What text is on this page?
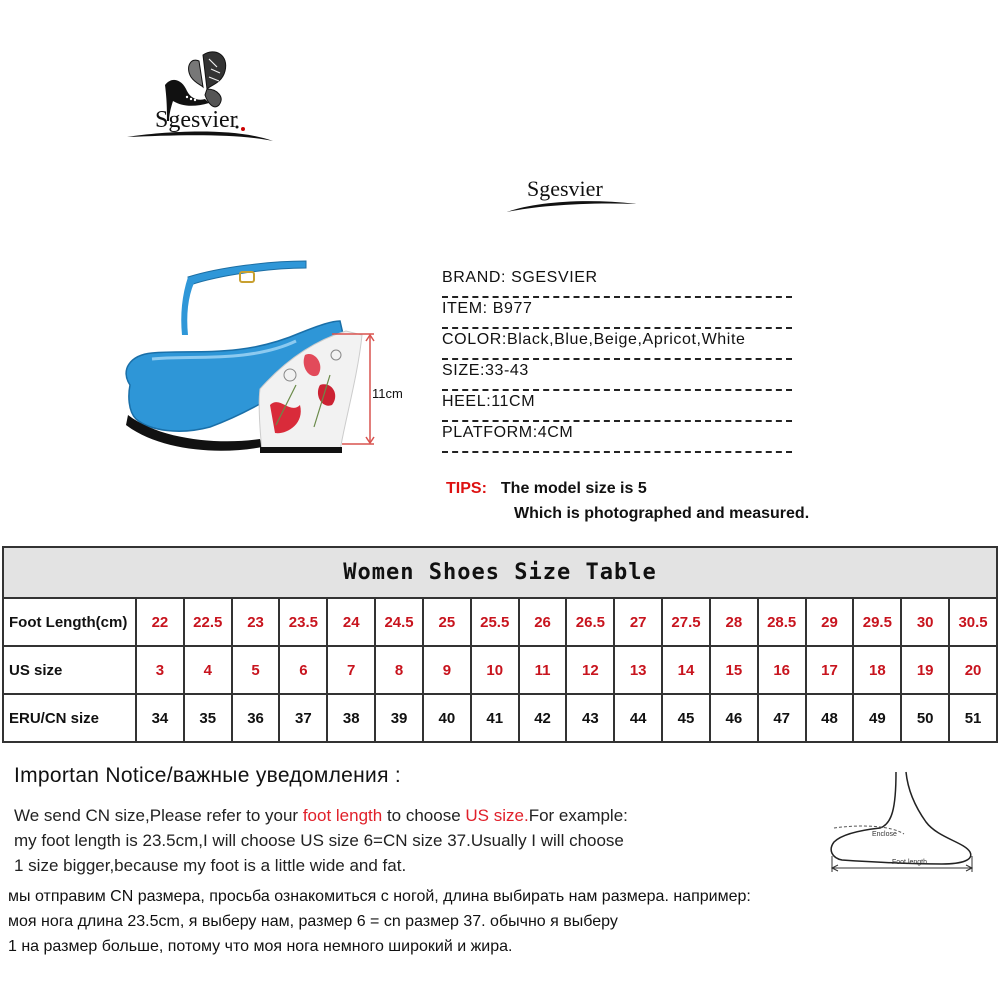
Sgesvier
Sgesvier
11cm
BRAND: SGESVIER
ITEM: B977
COLOR:Black,Blue,Beige,Apricot,White
SIZE:33-43
HEEL:11CM
PLATFORM:4CM
TIPS: The model size is 5
Which is photographed and measured.
Women Shoes Size Table																		
Foot Length(cm)	22	22.5	23	23.5	24	24.5	25	25.5	26	26.5	27	27.5	28	28.5	29	29.5	30	30.5
US size	3	4	5	6	7	8	9	10	11	12	13	14	15	16	17	18	19	20
ERU/CN size	34	35	36	37	38	39	40	41	42	43	44	45	46	47	48	49	50	51
Importan Notice/важные уведомления :
We send CN size,Please refer to your foot length to choose US size.For example:
my foot length is 23.5cm,I will choose US size 6=CN size 37.Usually I will choose
1 size bigger,because my foot is a little wide and fat.
мы отправим CN размера, просьба ознакомиться с ногой, длина выбирать нам размера. например:
моя нога длина 23.5cm, я выберу нам, размер 6 = cn размер 37. обычно я выберу
1 на размер больше, потому что моя нога немного широкий и жира.
Enclose
Foot length
